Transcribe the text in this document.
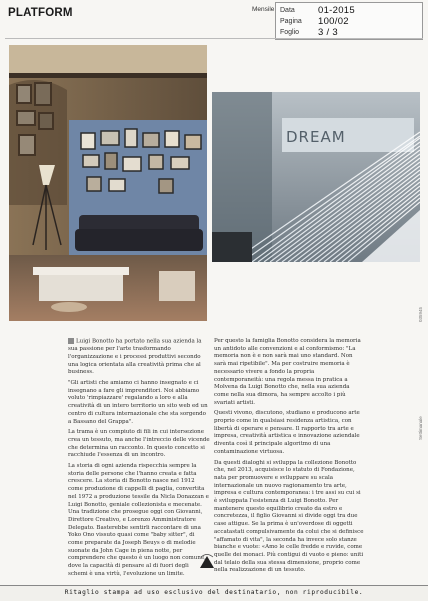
PLATFORM	Mensile Data 01-2015
Pagina 100/02
Foglio 3 / 3
DREAM
035945
Settimanale

Luigi Bonotto ha portato nella sua azienda la sua passione per l'arte trasformando l'organizzazione e i processi produttivi secondo una logica orientata alla creatività prima che al business.

"Gli artisti che amiamo ci hanno insegnato e ci insegnano a fare gli imprenditori. Noi abbiamo voluto 'rimpiazzare' regalando a loro e alla creatività di un intero territorio un sito web ed un centro di cultura internazionale che sta sorgendo a Bassano del Grappa".

La trama è un compiuto di fili in cui intersezione crea un tessuto, ma anche l'intreccio delle vicende che determina un racconto. In questo concetto si racchiude l'essenza di un incontro.

La storia di ogni azienda rispecchia sempre la storia delle persone che l'hanno creata e fatta crescere. La storia di Bonotto nasce nel 1912 come produzione di cappelli di paglia, convertita nel 1972 a produzione tessile da Nicla Donazzan e Luigi Bonotto, geniale collezionista e mecenate. Una tradizione che prosegue oggi con Giovanni, Direttore Creativo, e Lorenzo Amministratore Delegato. Basterebbe sentirli raccontare di una Yoko Ono vissuto quasi come "baby sitter", di come preparate da Joseph Beuys o di melodie suonate da John Cage in piena notte, per comprendere che questo è un luogo non comune, dove la capacità di pensare al di fuori degli schemi è una virtù, l'evoluzione un limite.

Per questo la famiglia Bonotto considera la memoria un antidoto alle convenzioni e al conformismo: "La memoria non è e non sarà mai uno standard. Non sarà mai ripetibile". Ma per costruire memoria è necessario vivere a fondo la propria contemporaneità: una regola messa in pratica a Molvena da Luigi Bonotto che, nella sua azienda come nella sua dimora, ha sempre accolto i più svariati artisti.

Questi vivono, discutono, studiano e producono arte proprio come in qualsiasi residenza artistica, con libertà di operare e pensare. Il rapporto tra arte e impresa, creatività artistica e innovazione aziendale diventa così il principale algoritmo di una contaminazione virtuosa.

Da questi dialoghi si sviluppa la collezione Bonotto che, nel 2013, acquisisce lo statuto di Fondazione, nata per promuovere e sviluppare su scala internazionale un nuovo ragionamento tra arte, impresa e cultura contemporanea: i tre assi su cui si è sviluppata l'esistenza di Luigi Bonotto. Per mantenere questo equilibrio creato da estro e concretezza, il figlio Giovanni si divide oggi tra due case attigue. Se la prima è un'overdose di oggetti accatastati compulsivamente da colui che si definisce "affamato di vita", la seconda ha invece solo stanze bianche e vuote: «Amo le celle fredde e ruvide, come quelle dei monaci. Più contigui di vuoto e pieno: uniti dal telaio della sua stessa dimensione, proprio come nella realizzazione di un tessuto.

Ritaglio stampa ad uso esclusivo del destinatario, non riproducibile.
